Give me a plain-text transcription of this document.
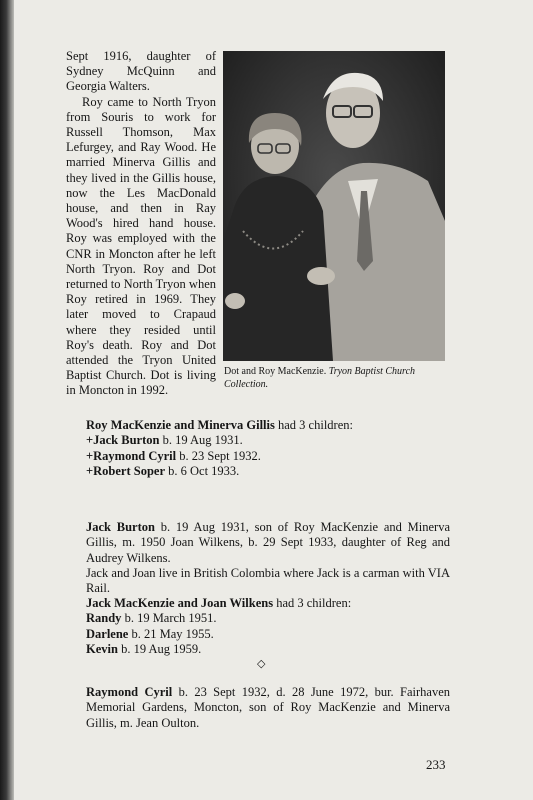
Sept 1916, daughter of Sydney McQuinn and Georgia Walters.

Roy came to North Tryon from Souris to work for Russell Thomson, Max Lefurgey, and Ray Wood. He married Minerva Gillis and they lived in the Gillis house, now the Les MacDonald house, and then in Ray Wood's hired hand house. Roy was employed with the CNR in Moncton after he left North Tryon. Roy and Dot returned to North Tryon when Roy retired in 1969. They later moved to Crapaud where they resided until Roy's death. Roy and Dot attended the Tryon United Baptist Church. Dot is living in Moncton in 1992.

Dot and Roy MacKenzie. Tryon Baptist Church Collection.

Roy MacKenzie and Minerva Gillis had 3 children:

+Jack Burton b. 19 Aug 1931.

+Raymond Cyril b. 23 Sept 1932.

+Robert Soper b. 6 Oct 1933.

Jack Burton b. 19 Aug 1931, son of Roy MacKenzie and Minerva Gillis, m. 1950 Joan Wilkens, b. 29 Sept 1933, daughter of Reg and Audrey Wilkens.

Jack and Joan live in British Colombia where Jack is a carman with VIA Rail.

Jack MacKenzie and Joan Wilkens had 3 children:

Randy b. 19 March 1951.

Darlene b. 21 May 1955.

Kevin b. 19 Aug 1959.

◇

Raymond Cyril b. 23 Sept 1932, d. 28 June 1972, bur. Fairhaven Memorial Gardens, Moncton, son of Roy MacKenzie and Minerva Gillis, m. Jean Oulton.

233
